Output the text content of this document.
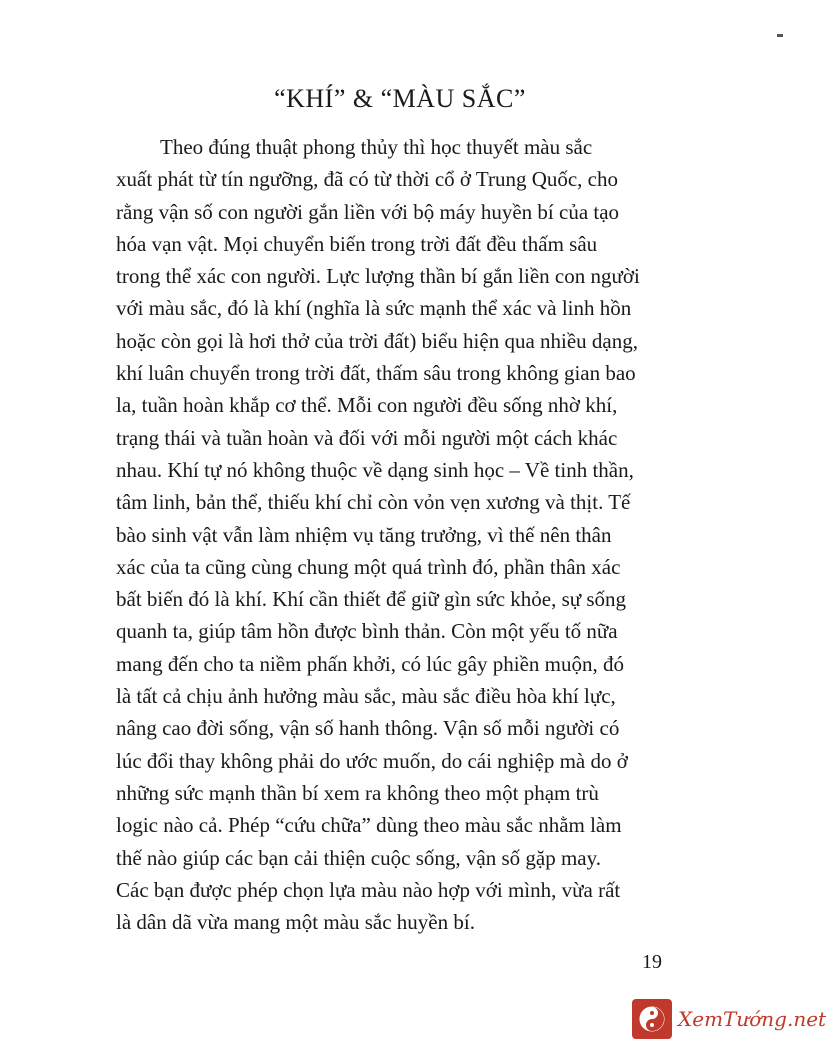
“KHÍ” & “MÀU SẮC”
Theo đúng thuật phong thủy thì học thuyết màu sắc
xuất phát từ tín ngưỡng, đã có từ thời cổ ở Trung Quốc, cho
rằng vận số con người gắn liền với bộ máy huyền bí của tạo
hóa vạn vật. Mọi chuyển biến trong trời đất đều thấm sâu
trong thể xác con người. Lực lượng thần bí gắn liền con người
với màu sắc, đó là khí (nghĩa là sức mạnh thể xác và linh hồn
hoặc còn gọi là hơi thở của trời đất) biểu hiện qua nhiều dạng,
khí luân chuyển trong trời đất, thấm sâu trong không gian bao
la, tuần hoàn khắp cơ thể. Mỗi con người đều sống nhờ khí,
trạng thái và tuần hoàn và đối với mỗi người một cách khác
nhau. Khí tự nó không thuộc về dạng sinh học – Về tinh thần,
tâm linh, bản thể, thiếu khí chỉ còn vỏn vẹn xương và thịt. Tế
bào sinh vật vẫn làm nhiệm vụ tăng trưởng, vì thế nên thân
xác của ta cũng cùng chung một quá trình đó, phần thân xác
bất biến đó là khí. Khí cần thiết để giữ gìn sức khỏe, sự sống
quanh ta, giúp tâm hồn được bình thản. Còn một yếu tố nữa
mang đến cho ta niềm phấn khởi, có lúc gây phiền muộn, đó
là tất cả chịu ảnh hưởng màu sắc, màu sắc điều hòa khí lực,
nâng cao đời sống, vận số hanh thông. Vận số mỗi người có
lúc đổi thay không phải do ước muốn, do cái nghiệp mà do ở
những sức mạnh thần bí xem ra không theo một phạm trù
logic nào cả. Phép “cứu chữa” dùng theo màu sắc nhằm làm
thế nào giúp các bạn cải thiện cuộc sống, vận số gặp may.
Các bạn được phép chọn lựa màu nào hợp với mình, vừa rất
là dân dã vừa mang một màu sắc huyền bí.
19
XemTướng.net
